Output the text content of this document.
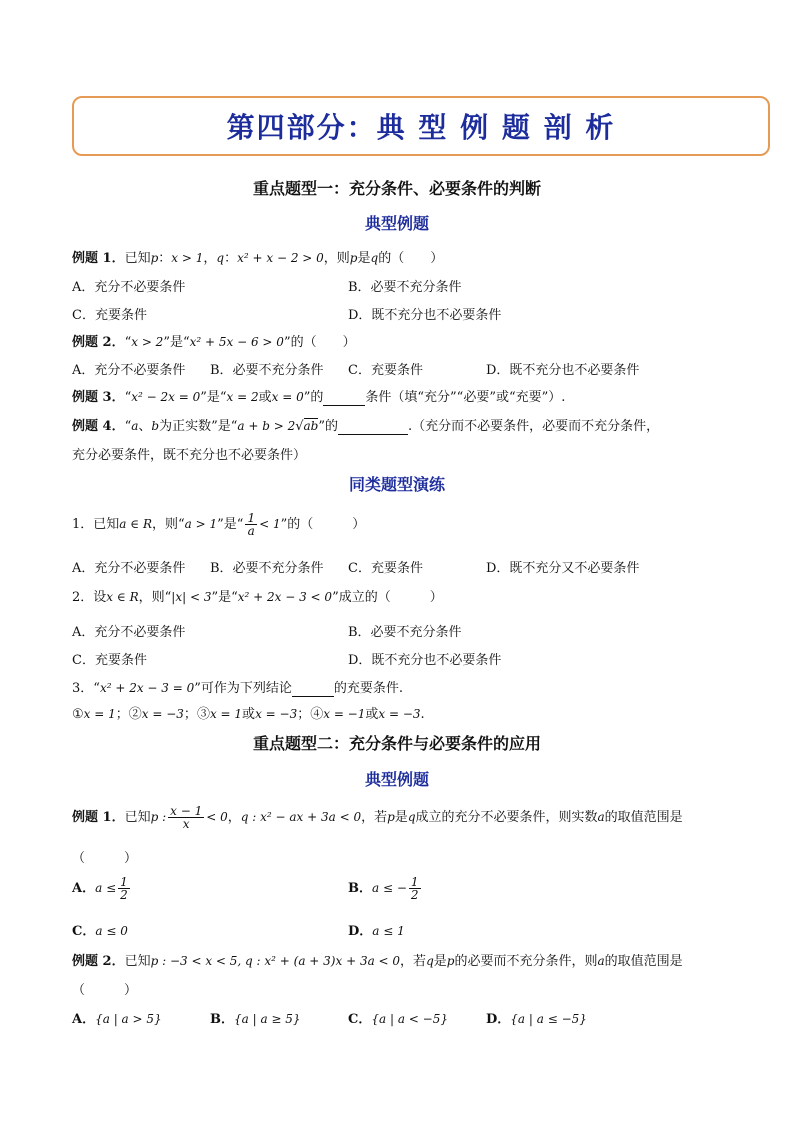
第四部分：典 型 例 题 剖 析
重点题型一：充分条件、必要条件的判断
典型例题
例题 1．已知p：x > 1，q：x² + x − 2 > 0，则p是q的（　　）
A．充分不必要条件	B．必要不充分条件
C．充要条件	D．既不充分也不必要条件
例题 2．“x > 2”是“x² + 5x − 6 > 0”的（　　）
A．充分不必要条件 B．必要不充分条件 C．充要条件	D．既不充分也不必要条件
例题 3．“x² − 2x = 0”是“x = 2或x = 0”的	条件（填“充分”“必要”或“充要”）.
例题 4．“a、b为正实数”是“a + b > 2√ab”的	.（充分而不必要条件，必要而不充分条件，
充分必要条件，既不充分也不必要条件）
同类题型演练
1．已知a ∈ R，则“a > 1”是“ $\frac{1}{a} < 1$”的（　　　）
A．充分不必要条件 B．必要不充分条件 C．充要条件	D．既不充分又不必要条件
2．设x ∈ R，则“|x| < 3”是“x² + 2x − 3 < 0”成立的（　　　）
A．充分不必要条件	B．必要不充分条件
C．充要条件	D．既不充分也不必要条件
3．“x² + 2x − 3 = 0”可作为下列结论	的充要条件.
①x = 1；②x = −3；③x = 1或x = −3；④x = −1或x = −3.
重点题型二：充分条件与必要条件的应用
典型例题
例题 1．已知p : $\frac{x - 1}{x} < 0$，q : x² − ax + 3a < 0，若p是q成立的充分不必要条件，则实数a的取值范围是
（　　　）
A．$a \le \frac{1}{2}$	B．a ≤ − $\frac{1}{2}$
C．a ≤ 0	D．a ≤ 1
例题 2．已知p : −3 < x < 5, q : x² + (a + 3)x + 3a < 0，若q是p的必要而不充分条件，则a的取值范围是
（　　　）
A．{a | a > 5}	B．{a | a ≥ 5}	C．{a | a < −5}	D．{a | a ≤ −5}
